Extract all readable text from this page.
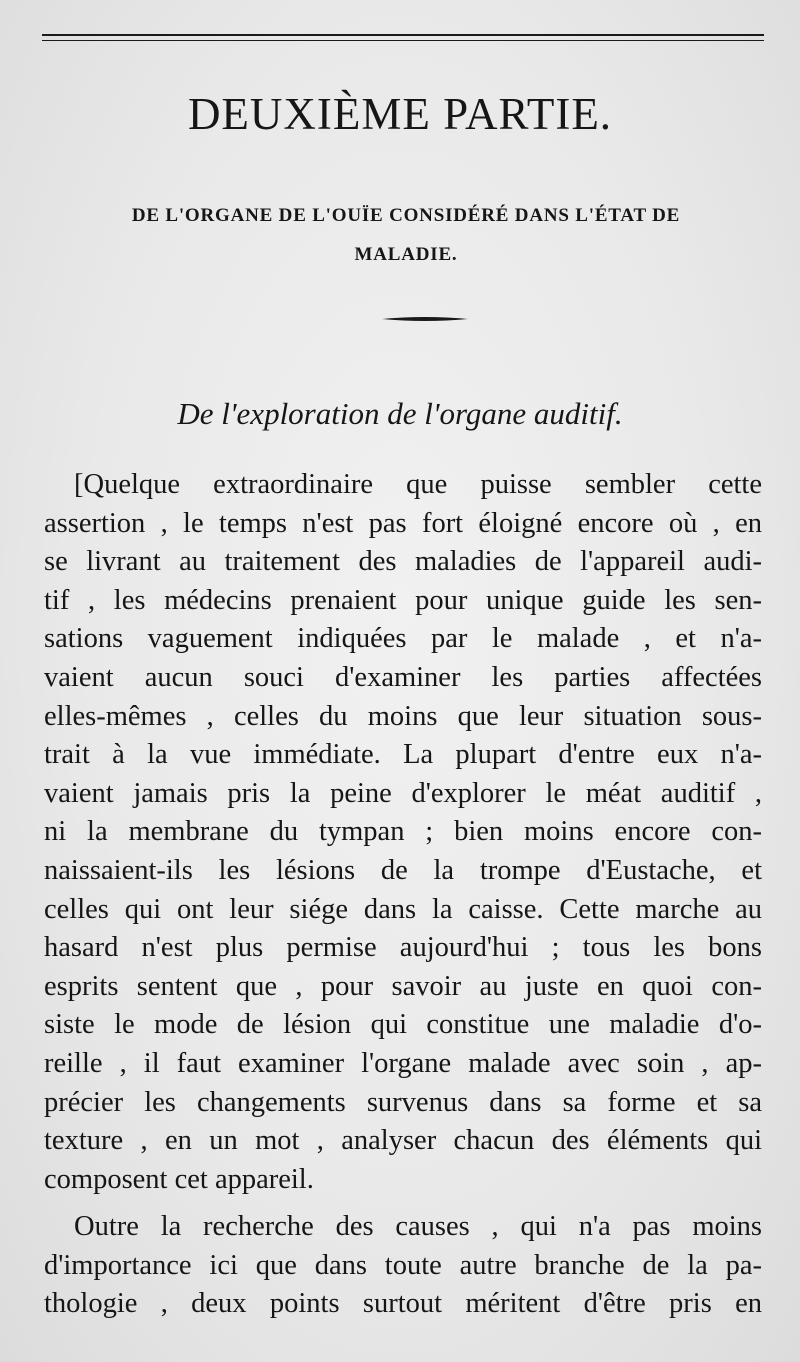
DEUXIÈME PARTIE.
DE L'ORGANE DE L'OUÏE CONSIDÉRÉ DANS L'ÉTAT DE
MALADIE.
De l'exploration de l'organe auditif.
[Quelque extraordinaire que puisse sembler cette
assertion , le temps n'est pas fort éloigné encore où , en
se livrant au traitement des maladies de l'appareil audi-
tif , les médecins prenaient pour unique guide les sen-
sations vaguement indiquées par le malade , et n'a-
vaient aucun souci d'examiner les parties affectées
elles-mêmes , celles du moins que leur situation sous-
trait à la vue immédiate. La plupart d'entre eux n'a-
vaient jamais pris la peine d'explorer le méat auditif ,
ni la membrane du tympan ; bien moins encore con-
naissaient-ils les lésions de la trompe d'Eustache, et
celles qui ont leur siége dans la caisse. Cette marche au
hasard n'est plus permise aujourd'hui ; tous les bons
esprits sentent que , pour savoir au juste en quoi con-
siste le mode de lésion qui constitue une maladie d'o-
reille , il faut examiner l'organe malade avec soin , ap-
précier les changements survenus dans sa forme et sa
texture , en un mot , analyser chacun des éléments qui
composent cet appareil.
Outre la recherche des causes , qui n'a pas moins
d'importance ici que dans toute autre branche de la pa-
thologie , deux points surtout méritent d'être pris en
